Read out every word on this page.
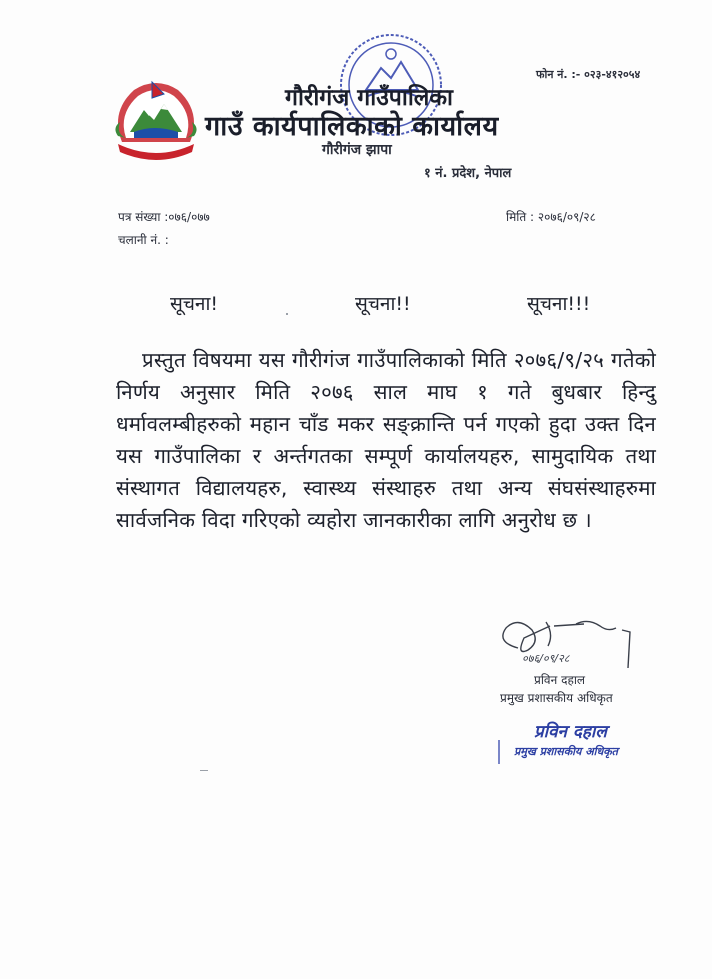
फोन नं. :- ०२३-४१२०५४
गौरीगंज गाउँपालिका
गाउँ कार्यपालिकाको कार्यालय
गौरीगंज झापा
१ नं. प्रदेश, नेपाल
पत्र संख्या :०७६/०७७
चलानी नं. :
मिति : २०७६/०९/२८
सूचना!	सूचना!!	सूचना!!!
प्रस्तुत विषयमा यस गौरीगंज गाउँपालिकाको मिति २०७६/९/२५ गतेको निर्णय अनुसार मिति २०७६ साल माघ १ गते बुधबार हिन्दु धर्मावलम्बीहरुको महान चाँड मकर सङ्क्रान्ति पर्न गएको हुदा उक्त दिन यस गाउँपालिका र अर्न्तगतका सम्पूर्ण कार्यालयहरु, सामुदायिक तथा संस्थागत विद्यालयहरु, स्वास्थ्य संस्थाहरु तथा अन्य संघसंस्थाहरुमा सार्वजनिक विदा गरिएको व्यहोरा जानकारीका लागि अनुरोध छ ।
०७६/०९/२८
प्रविन दहाल
प्रमुख प्रशासकीय अधिकृत
प्रविन दहाल
प्रमुख प्रशासकीय अधिकृत
